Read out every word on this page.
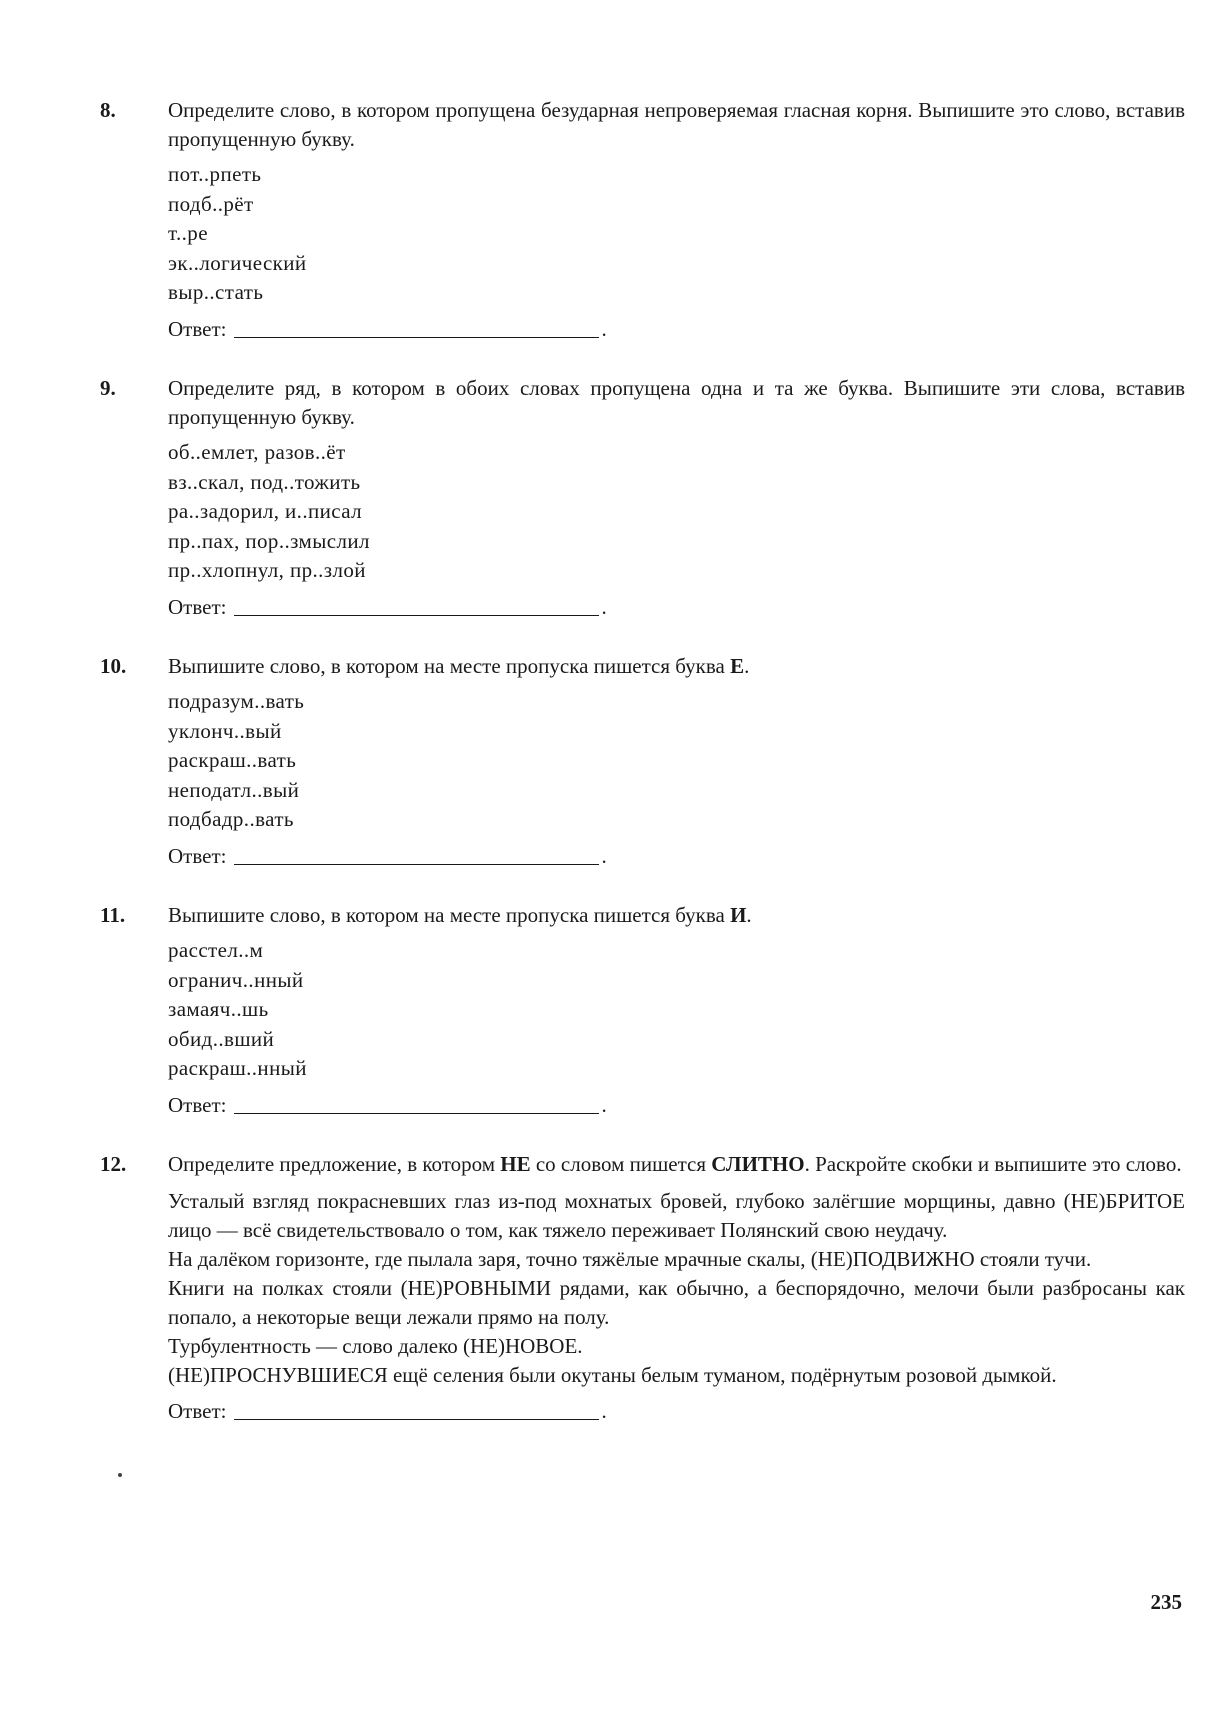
8. Определите слово, в котором пропущена безударная непроверяемая гласная корня. Выпишите это слово, вставив пропущенную букву.

пот..рпеть
подб..рёт
т..ре
эк..логический
выр..стать
Ответ:	.
9. Определите ряд, в котором в обоих словах пропущена одна и та же буква. Выпишите эти слова, вставив пропущенную букву.

об..емлет, разов..ёт
вз..скал, под..тожить
ра..задорил, и..писал
пр..пах, пор..змыслил
пр..хлопнул, пр..злой
Ответ:	.
10. Выпишите слово, в котором на месте пропуска пишется буква Е.

подразум..вать
уклонч..вый
раскраш..вать
неподатл..вый
подбадр..вать
Ответ:	.
11. Выпишите слово, в котором на месте пропуска пишется буква И.

расстел..м
огранич..нный
замаяч..шь
обид..вший
раскраш..нный
Ответ:	.
12. Определите предложение, в котором НЕ со словом пишется СЛИТНО. Раскройте скобки и выпишите это слово.

Усталый взгляд покрасневших глаз из-под мохнатых бровей, глубоко залёгшие морщины, давно (НЕ)БРИТОЕ лицо — всё свидетельствовало о том, как тяжело переживает Полянский свою неудачу.

На далёком горизонте, где пылала заря, точно тяжёлые мрачные скалы, (НЕ)ПОДВИЖНО стояли тучи.

Книги на полках стояли (НЕ)РОВНЫМИ рядами, как обычно, а беспорядочно, мелочи были разбросаны как попало, а некоторые вещи лежали прямо на полу.

Турбулентность — слово далеко (НЕ)НОВОЕ.

(НЕ)ПРОСНУВШИЕСЯ ещё селения были окутаны белым туманом, подёрнутым розовой дымкой.

Ответ:	.
235
